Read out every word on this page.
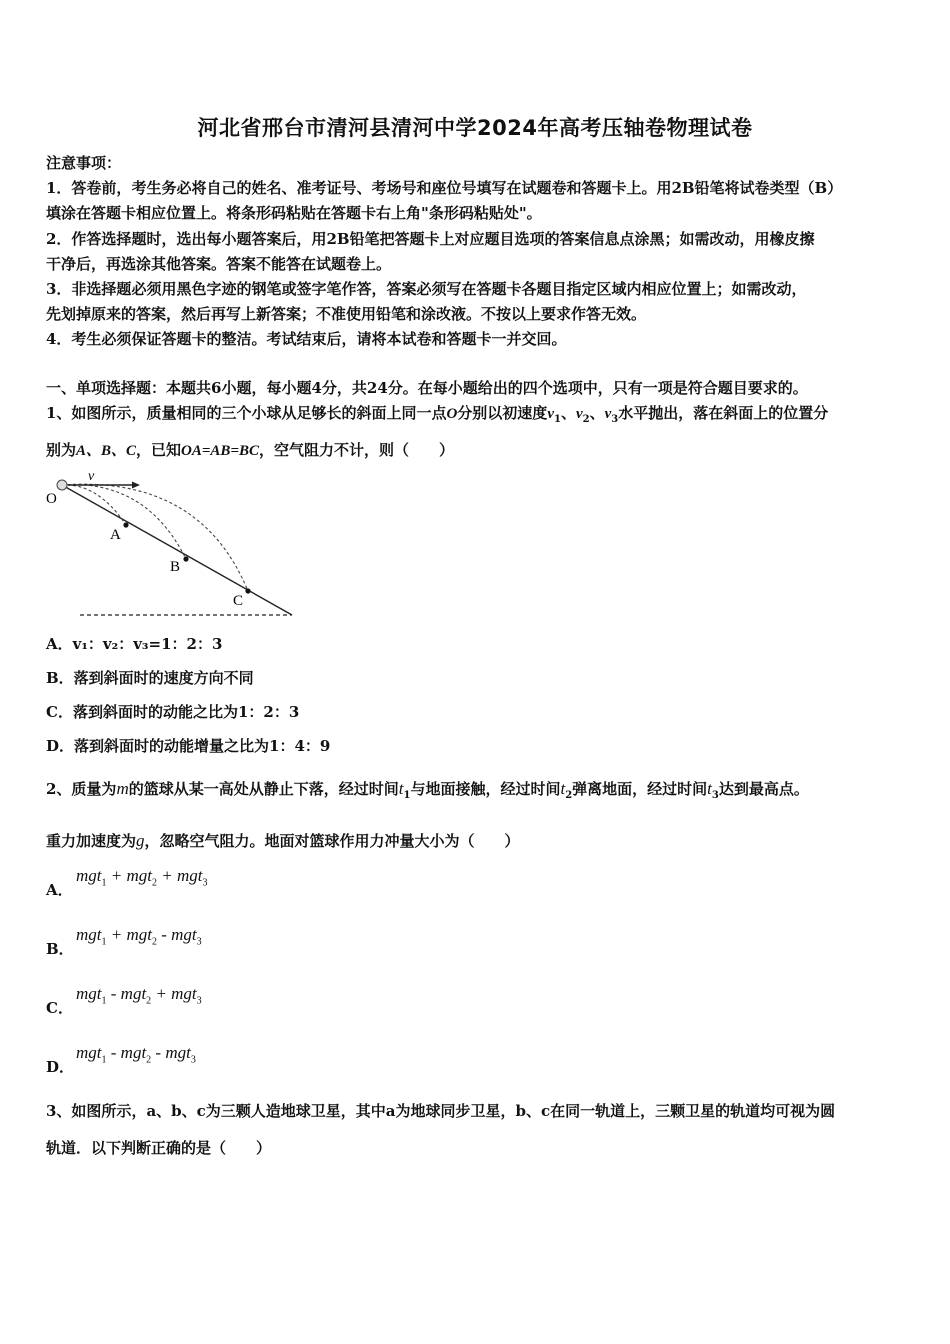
河北省邢台市清河县清河中学2024年高考压轴卷物理试卷
注意事项：
1．答卷前，考生务必将自己的姓名、准考证号、考场号和座位号填写在试题卷和答题卡上。用2B铅笔将试卷类型（B）
填涂在答题卡相应位置上。将条形码粘贴在答题卡右上角"条形码粘贴处"。
2．作答选择题时，选出每小题答案后，用2B铅笔把答题卡上对应题目选项的答案信息点涂黑；如需改动，用橡皮擦
干净后，再选涂其他答案。答案不能答在试题卷上。
3．非选择题必须用黑色字迹的钢笔或签字笔作答，答案必须写在答题卡各题目指定区域内相应位置上；如需改动，
先划掉原来的答案，然后再写上新答案；不准使用铅笔和涂改液。不按以上要求作答无效。
4．考生必须保证答题卡的整洁。考试结束后，请将本试卷和答题卡一并交回。
一、单项选择题：本题共6小题，每小题4分，共24分。在每小题给出的四个选项中，只有一项是符合题目要求的。
1、如图所示，质量相同的三个小球从足够长的斜面上同一点O分别以初速度$v_1$、$v_2$、$v_3$水平抛出，落在斜面上的位置分
别为A、B、C，已知OA=AB=BC，空气阻力不计，则（　　）
v
O
A
B
C
A．v₁：v₂：v₃=1：2：3
B．落到斜面时的速度方向不同
C．落到斜面时的动能之比为1：2：3
D．落到斜面时的动能增量之比为1：4：9
2、质量为m的篮球从某一高处从静止下落，经过时间$t_1$与地面接触，经过时间$t_2$弹离地面，经过时间$t_3$达到最高点。
重力加速度为g，忽略空气阻力。地面对篮球作用力冲量大小为（　　）
A．mgt$_1$ + mgt$_2$ + mgt$_3$
B．mgt$_1$ + mgt$_2$ - mgt$_3$
C．mgt$_1$ - mgt$_2$ + mgt$_3$
D．mgt$_1$ - mgt$_2$ - mgt$_3$
3、如图所示，a、b、c为三颗人造地球卫星，其中a为地球同步卫星，b、c在同一轨道上，三颗卫星的轨道均可视为圆
轨道．以下判断正确的是（　　）
